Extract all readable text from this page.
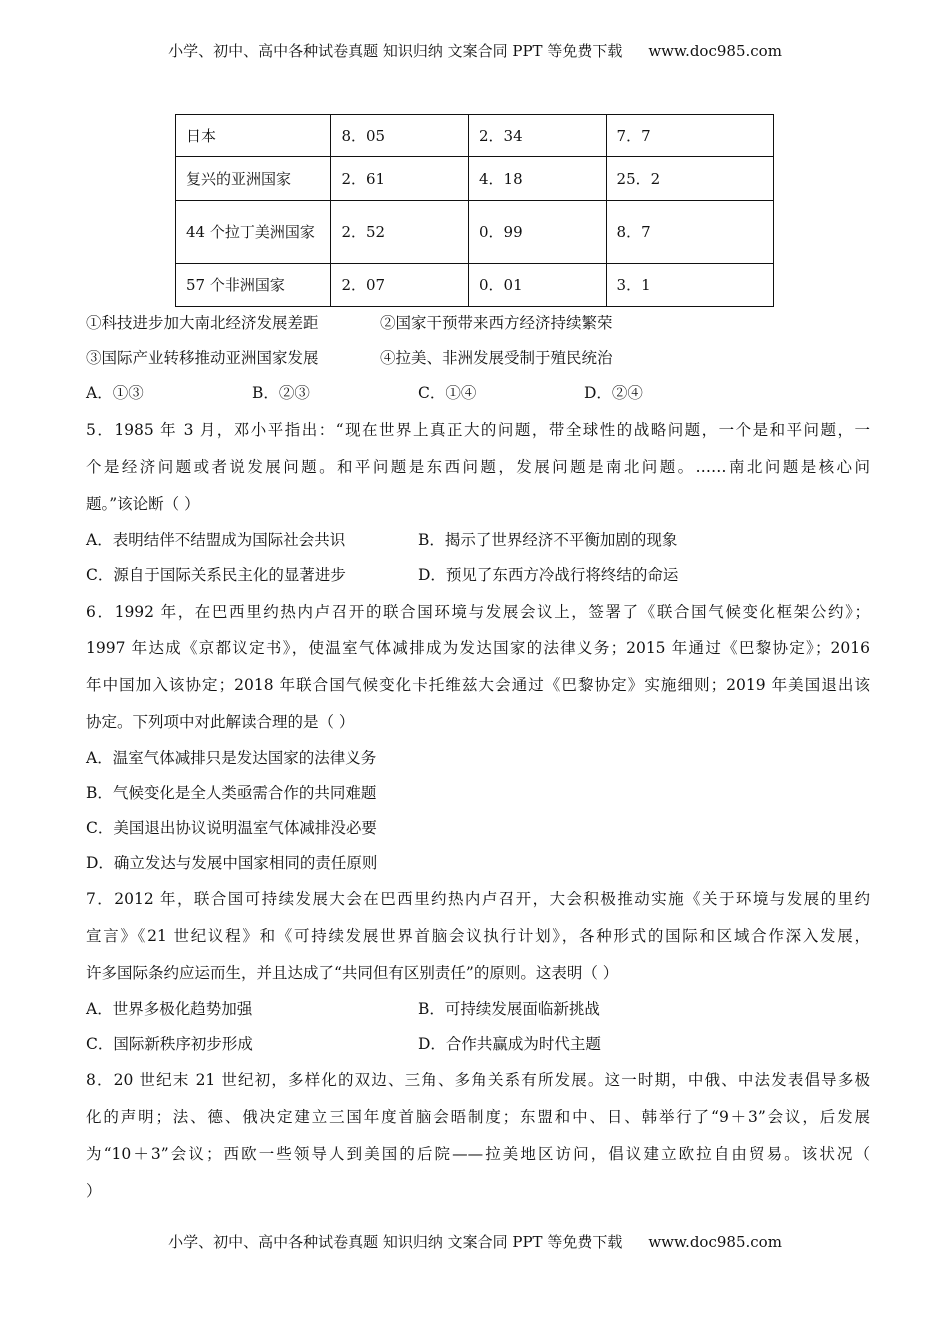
小学、初中、高中各种试卷真题 知识归纳 文案合同 PPT 等免费下载 www.doc985.com
日本	8．05	2．34	7．7
复兴的亚洲国家	2．61	4．18	25．2
44 个拉丁美洲国家	2．52	0．99	8．7
57 个非洲国家	2．07	0．01	3．1
①科技进步加大南北经济发展差距	②国家干预带来西方经济持续繁荣
③国际产业转移推动亚洲国家发展	④拉美、非洲发展受制于殖民统治
A．①③	B．②③	C．①④	D．②④
5．1985 年 3 月，邓小平指出：“现在世界上真正大的问题，带全球性的战略问题，一个是和平问题，一
个是经济问题或者说发展问题。和平问题是东西问题，发展问题是南北问题。……南北问题是核心问
题。”该论断（ ）
A．表明结伴不结盟成为国际社会共识	B．揭示了世界经济不平衡加剧的现象
C．源自于国际关系民主化的显著进步	D．预见了东西方冷战行将终结的命运
6．1992 年，在巴西里约热内卢召开的联合国环境与发展会议上，签署了《联合国气候变化框架公约》；
1997 年达成《京都议定书》，使温室气体减排成为发达国家的法律义务；2015 年通过《巴黎协定》；2016
年中国加入该协定；2018 年联合国气候变化卡托维兹大会通过《巴黎协定》实施细则；2019 年美国退出该
协定。下列项中对此解读合理的是（ ）
A．温室气体减排只是发达国家的法律义务
B．气候变化是全人类亟需合作的共同难题
C．美国退出协议说明温室气体减排没必要
D．确立发达与发展中国家相同的责任原则
7．2012 年，联合国可持续发展大会在巴西里约热内卢召开，大会积极推动实施《关于环境与发展的里约
宣言》《21 世纪议程》和《可持续发展世界首脑会议执行计划》，各种形式的国际和区域合作深入发展，
许多国际条约应运而生，并且达成了“共同但有区别责任”的原则。这表明（ ）
A．世界多极化趋势加强	B．可持续发展面临新挑战
C．国际新秩序初步形成	D．合作共赢成为时代主题
8．20 世纪末 21 世纪初，多样化的双边、三角、多角关系有所发展。这一时期，中俄、中法发表倡导多极
化的声明；法、德、俄决定建立三国年度首脑会晤制度；东盟和中、日、韩举行了“9＋3”会议，后发展
为“10＋3”会议；西欧一些领导人到美国的后院——拉美地区访问，倡议建立欧拉自由贸易。该状况（
）
小学、初中、高中各种试卷真题 知识归纳 文案合同 PPT 等免费下载 www.doc985.com
